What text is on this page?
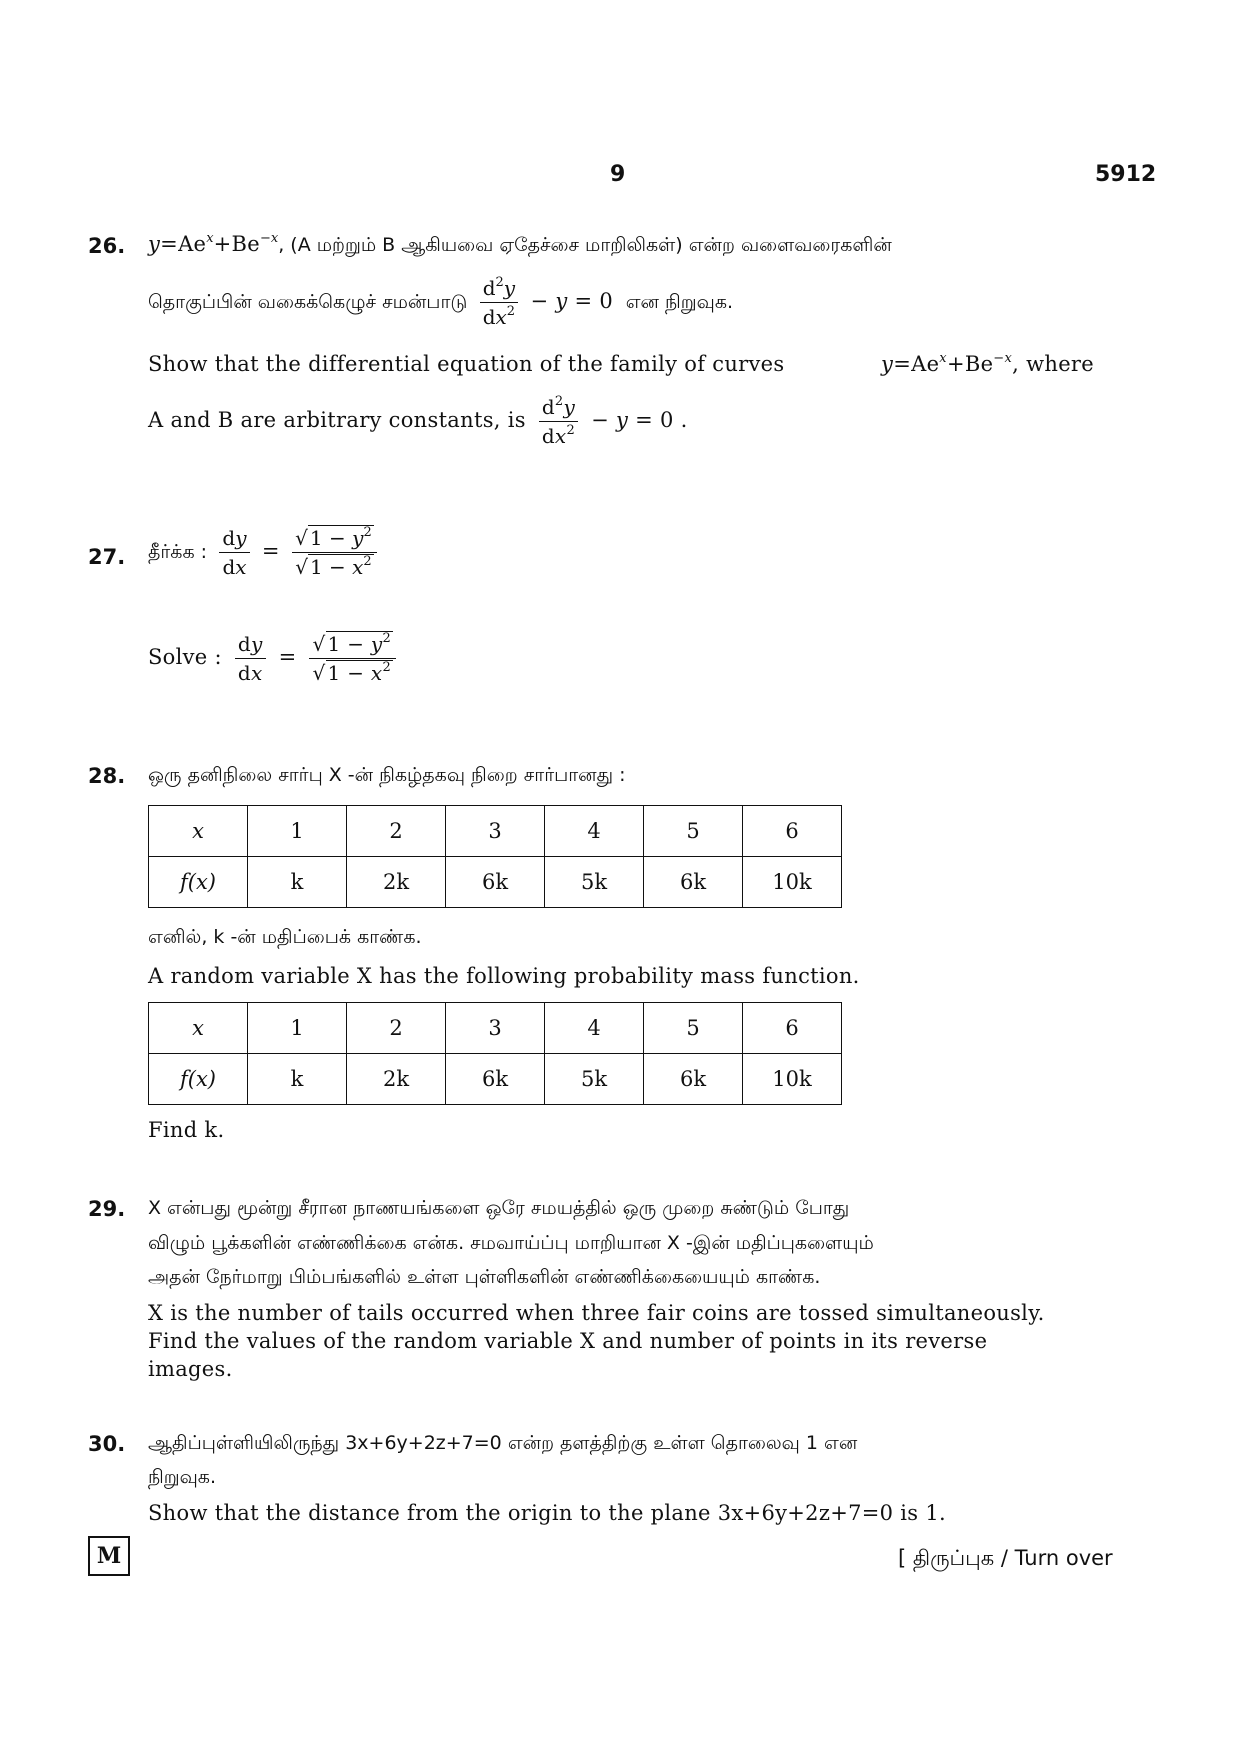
9	5912
26. $y=Ae^x+Be^{-x}$, (A மற்றும் B ஆகியவை ஏதேச்சை மாறிலிகள்) என்ற வளைவரைகளின்
தொகுப்பின் வகைக்கெழுச் சமன்பாடு $\frac{d^2y}{dx^2} - y = 0$ என நிறுவுக.
Show that the differential equation of the family of curves	$y=Ae^x+Be^{-x}$, where
A and B are arbitrary constants, is $\frac{d^2y}{dx^2} - y = 0$ .
27. தீர்க்க : $\frac{dy}{dx} = \frac{√ 1 - y^2}{√ 1 - x^2}$
Solve : $\frac{dy}{dx} = \frac{√ 1 - y^2}{√ 1 - x^2}$
28. ஒரு தனிநிலை சார்பு X -ன் நிகழ்தகவு நிறை சார்பானது :
x	1	2	3	4	5	6
f(x)	k	2k	6k	5k	6k	10k
எனில், k -ன் மதிப்பைக் காண்க.
A random variable X has the following probability mass function.
x	1	2	3	4	5	6
f(x)	k	2k	6k	5k	6k	10k
Find k.
29. X என்பது மூன்று சீரான நாணயங்களை ஒரே சமயத்தில் ஒரு முறை சுண்டும் போது
விழும் பூக்களின் எண்ணிக்கை என்க. சமவாய்ப்பு மாறியான X -இன் மதிப்புகளையும்
அதன் நேர்மாறு பிம்பங்களில் உள்ள புள்ளிகளின் எண்ணிக்கையையும் காண்க.
X is the number of tails occurred when three fair coins are tossed simultaneously.
Find the values of the random variable X and number of points in its reverse
images.
30. ஆதிப்புள்ளியிலிருந்து 3x+6y+2z+7=0 என்ற தளத்திற்கு உள்ள தொலைவு 1 என
நிறுவுக.
Show that the distance from the origin to the plane 3x+6y+2z+7=0 is 1.
M	[ திருப்புக / Turn over
